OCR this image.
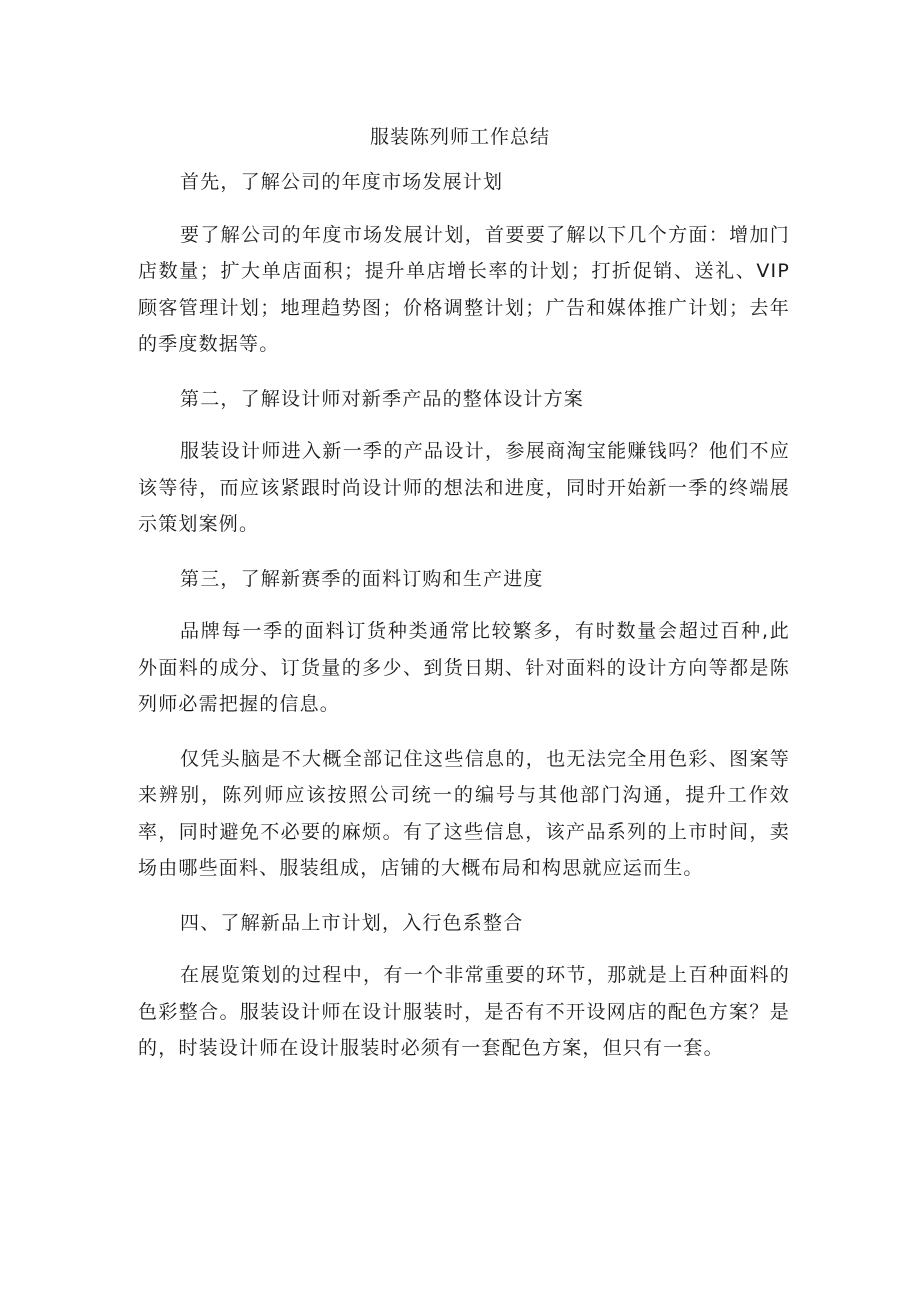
服装陈列师工作总结

首先，了解公司的年度市场发展计划

要了解公司的年度市场发展计划，首要要了解以下几个方面：增加门店数量；扩大单店面积；提升单店增长率的计划；打折促销、送礼、VIP顾客管理计划；地理趋势图；价格调整计划；广告和媒体推广计划；去年的季度数据等。

第二，了解设计师对新季产品的整体设计方案

服装设计师进入新一季的产品设计，参展商淘宝能赚钱吗？他们不应该等待，而应该紧跟时尚设计师的想法和进度，同时开始新一季的终端展示策划案例。

第三，了解新赛季的面料订购和生产进度

品牌每一季的面料订货种类通常比较繁多，有时数量会超过百种,此外面料的成分、订货量的多少、到货日期、针对面料的设计方向等都是陈列师必需把握的信息。

仅凭头脑是不大概全部记住这些信息的，也无法完全用色彩、图案等来辨别，陈列师应该按照公司统一的编号与其他部门沟通，提升工作效率，同时避免不必要的麻烦。有了这些信息，该产品系列的上市时间，卖场由哪些面料、服装组成，店铺的大概布局和构思就应运而生。

四、了解新品上市计划，入行色系整合

在展览策划的过程中，有一个非常重要的环节，那就是上百种面料的色彩整合。服装设计师在设计服装时，是否有不开设网店的配色方案？是的，时装设计师在设计服装时必须有一套配色方案，但只有一套。
